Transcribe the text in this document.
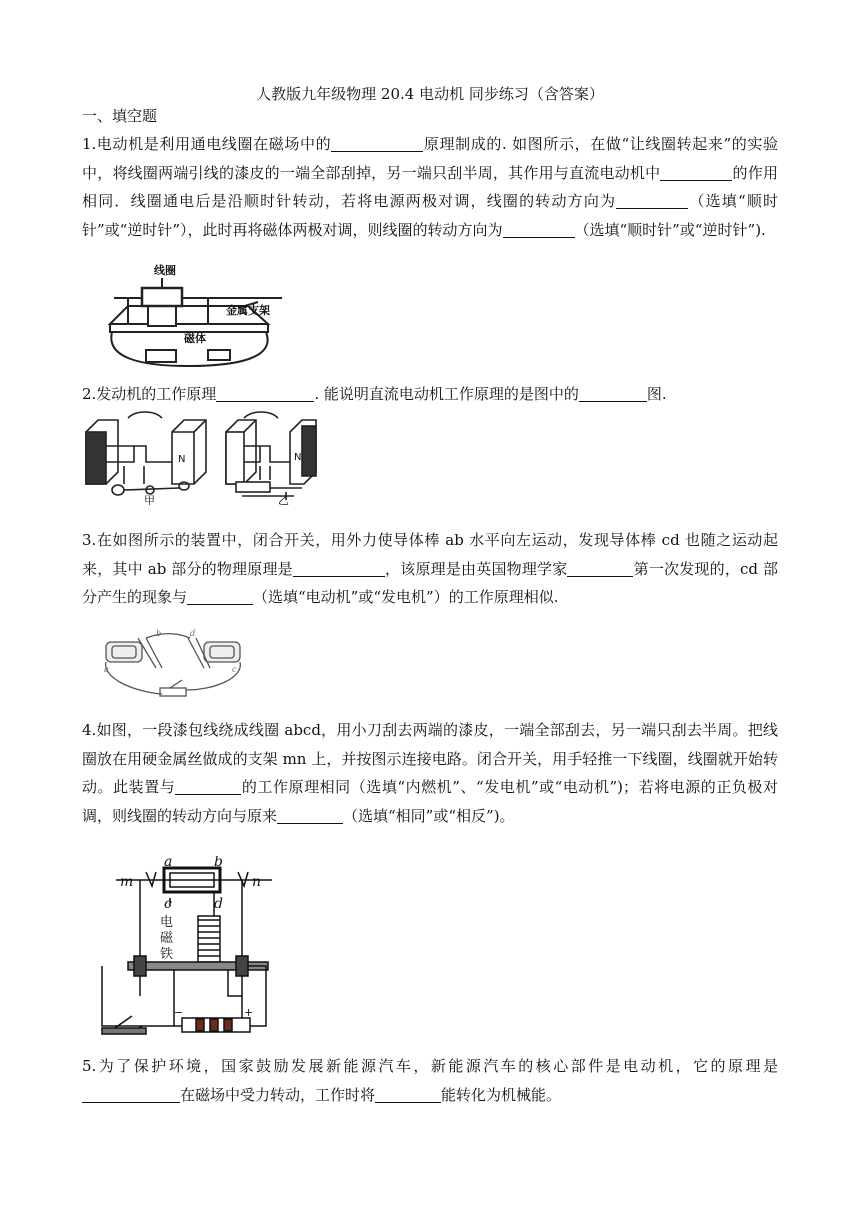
人教版九年级物理 20.4 电动机 同步练习（含答案）
一、填空题
1.电动机是利用通电线圈在磁场中的	原理制成的. 如图所示，在做“让线圈转起来”的实验中，将线圈两端引线的漆皮的一端全部刮掉，另一端只刮半周，其作用与直流电动机中	的作用相同．线圈通电后是沿顺时针转动，若将电源两极对调，线圈的转动方向为	（选填“顺时针”或“逆时针”），此时再将磁体两极对调，则线圈的转动方向为	（选填“顺时针”或“逆时针”).
线圈
金属支架
磁体
2.发动机的工作原理	. 能说明直流电动机工作原理的是图中的	图.
N	N
甲	乙
3.在如图所示的装置中，闭合开关，用外力使导体棒 ab 水平向左运动，发现导体棒 cd 也随之运动起来，其中 ab 部分的物理原理是	，该原理是由英国物理学家	第一次发现的，cd 部分产生的现象与	（选填“电动机”或“发电机”）的工作原理相似.
b	d
a	c
4.如图，一段漆包线绕成线圈 abcd，用小刀刮去两端的漆皮，一端全部刮去，另一端只刮去半周。把线圈放在用硬金属丝做成的支架 mn 上，并按图示连接电路。闭合开关，用手轻推一下线圈，线圈就开始转动。此装置与	的工作原理相同（选填“内燃机”、“发电机”或“电动机”)；若将电源的正负极对调，则线圈的转动方向与原来	（选填“相同”或“相反”)。
m	n
a	b
c	d
电
磁
铁
−	+
5.为了保护环境，国家鼓励发展新能源汽车，新能源汽车的核心部件是电动机，它的原理是在磁场中受力转动，工作时将	能转化为机械能。
